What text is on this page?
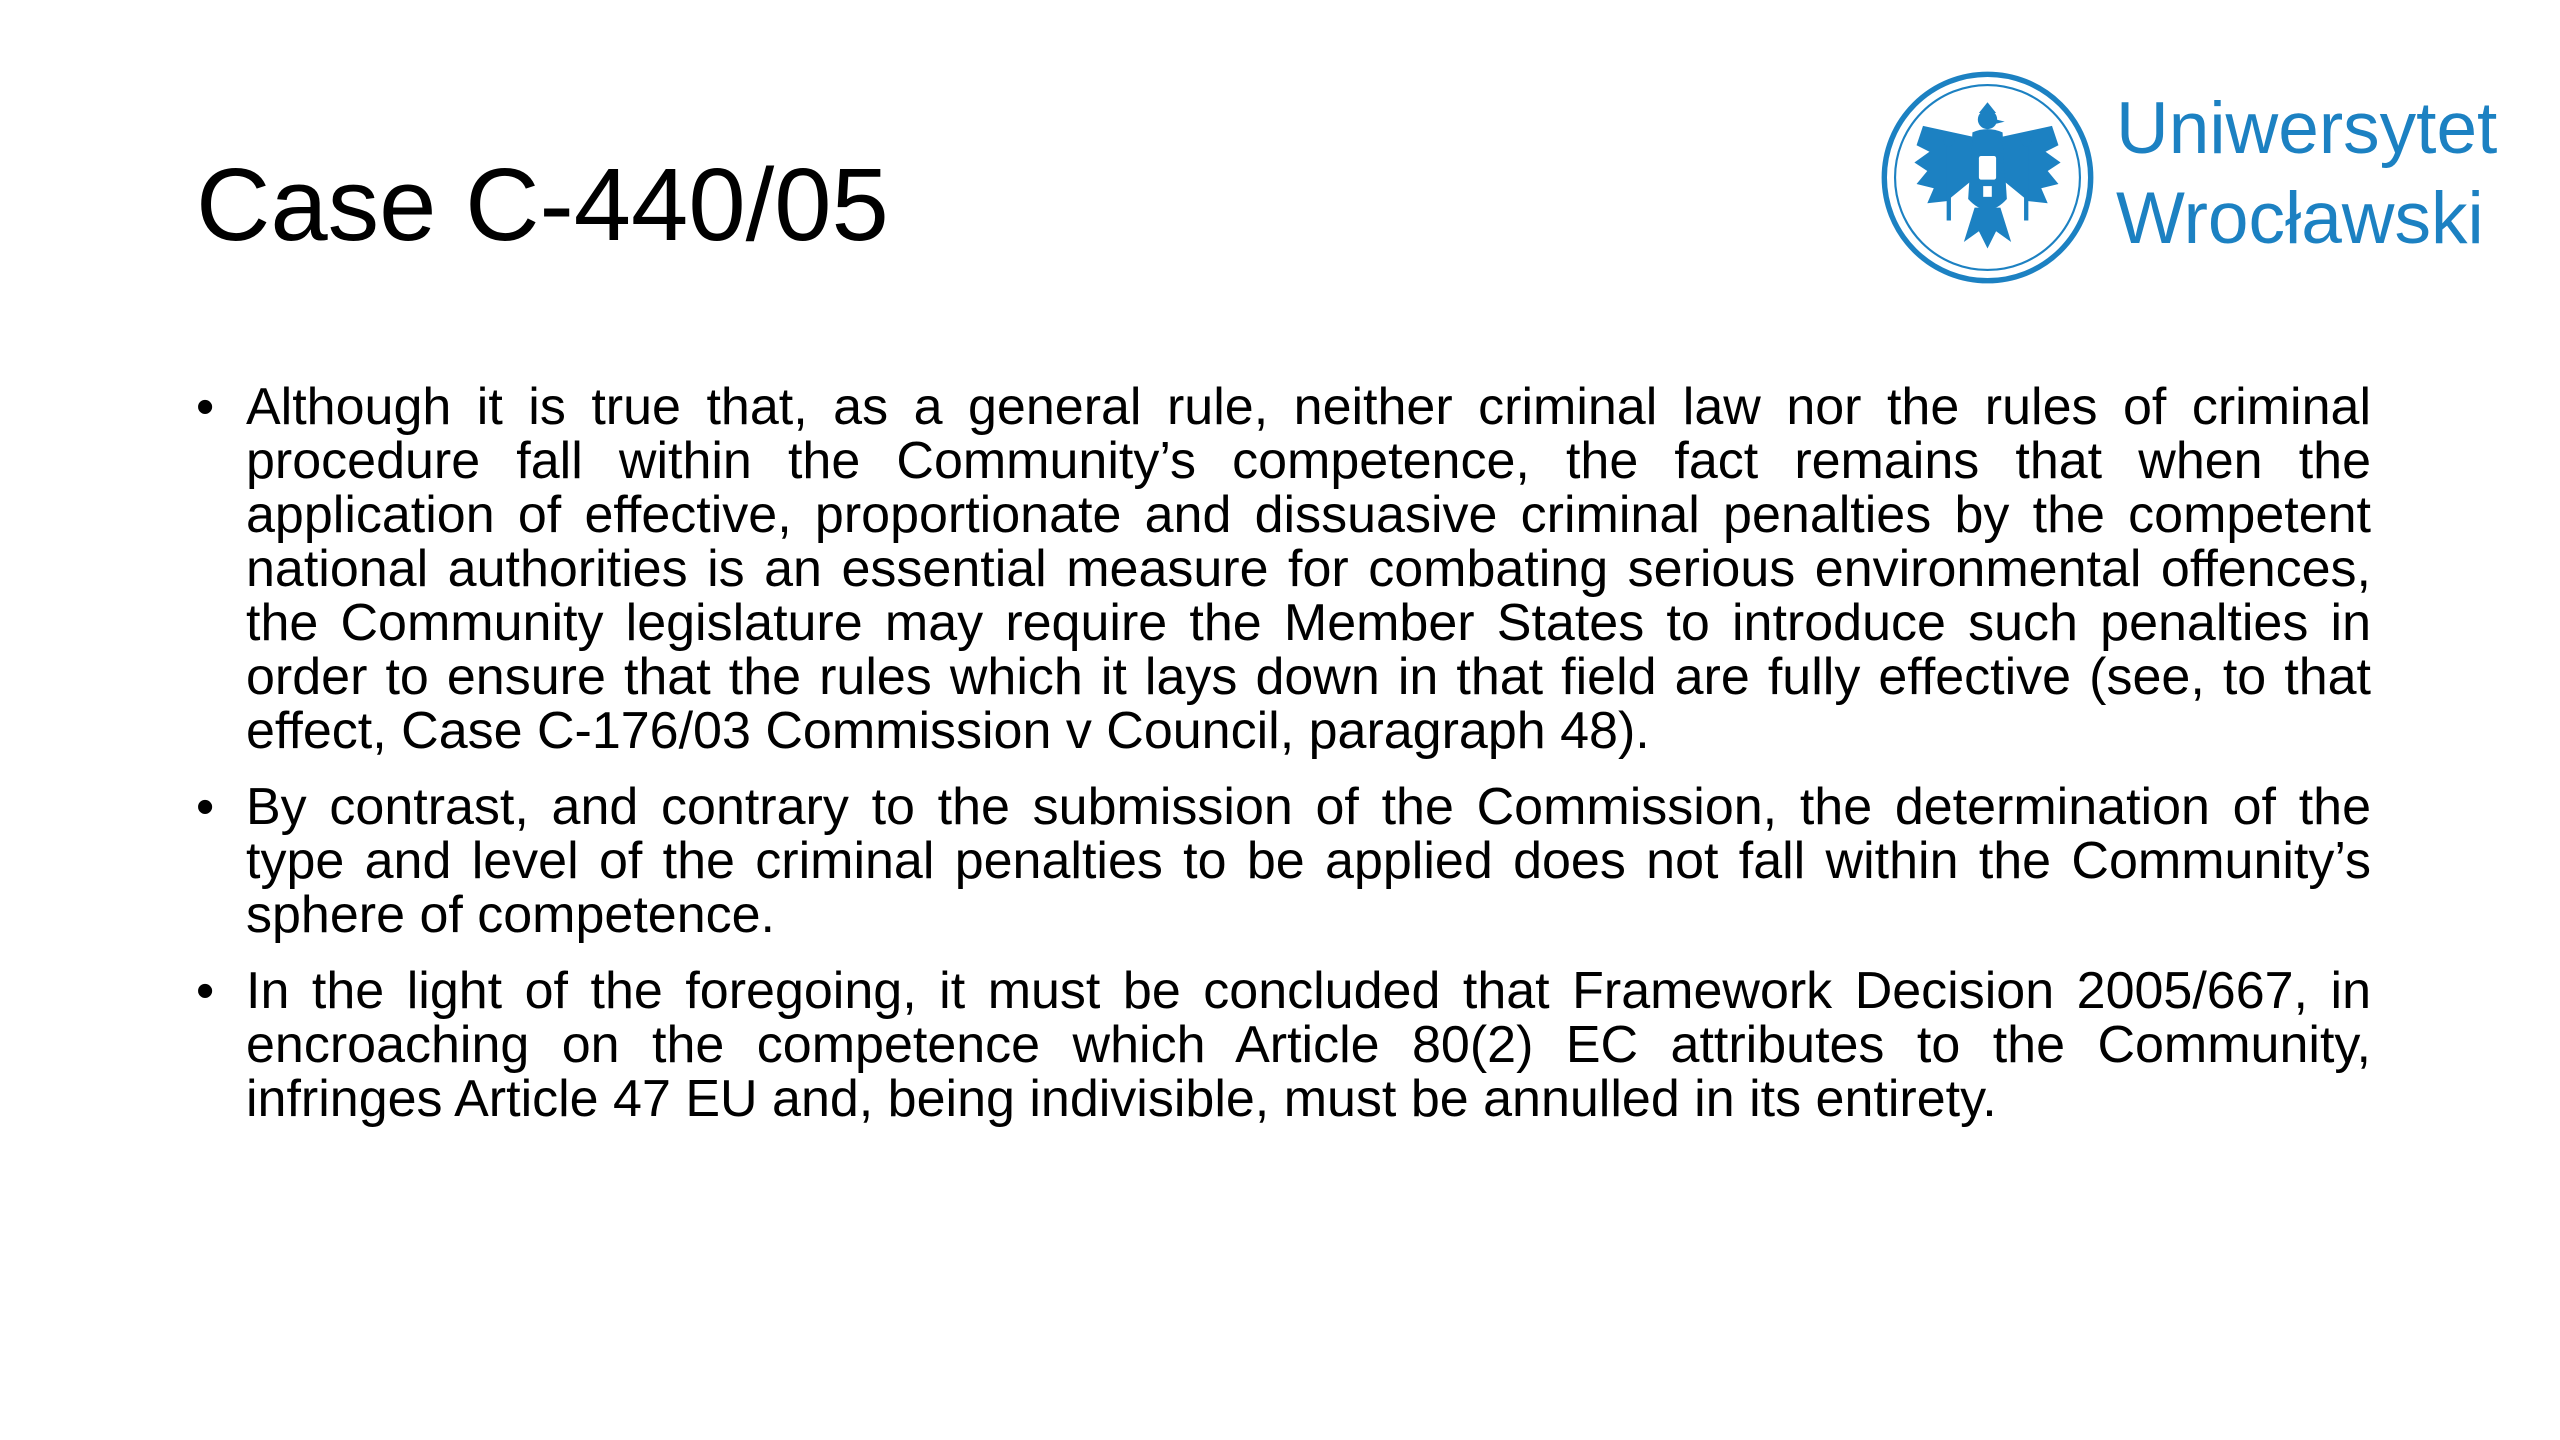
Case C-440/05
Uniwersytet
Wrocławski
• Although it is true that, as a general rule, neither criminal law nor the rules of criminal procedure fall within the Community’s competence, the fact remains that when the application of effective, proportionate and dissuasive criminal penalties by the competent national authorities is an essential measure for combating serious environmental offences, the Community legislature may require the Member States to introduce such penalties in order to ensure that the rules which it lays down in that field are fully effective (see, to that effect, Case C-176/03 Commission v Council, paragraph 48).
• By contrast, and contrary to the submission of the Commission, the determination of the type and level of the criminal penalties to be applied does not fall within the Community’s sphere of competence.
• In the light of the foregoing, it must be concluded that Framework Decision 2005/667, in encroaching on the competence which Article 80(2) EC attributes to the Community, infringes Article 47 EU and, being indivisible, must be annulled in its entirety.
